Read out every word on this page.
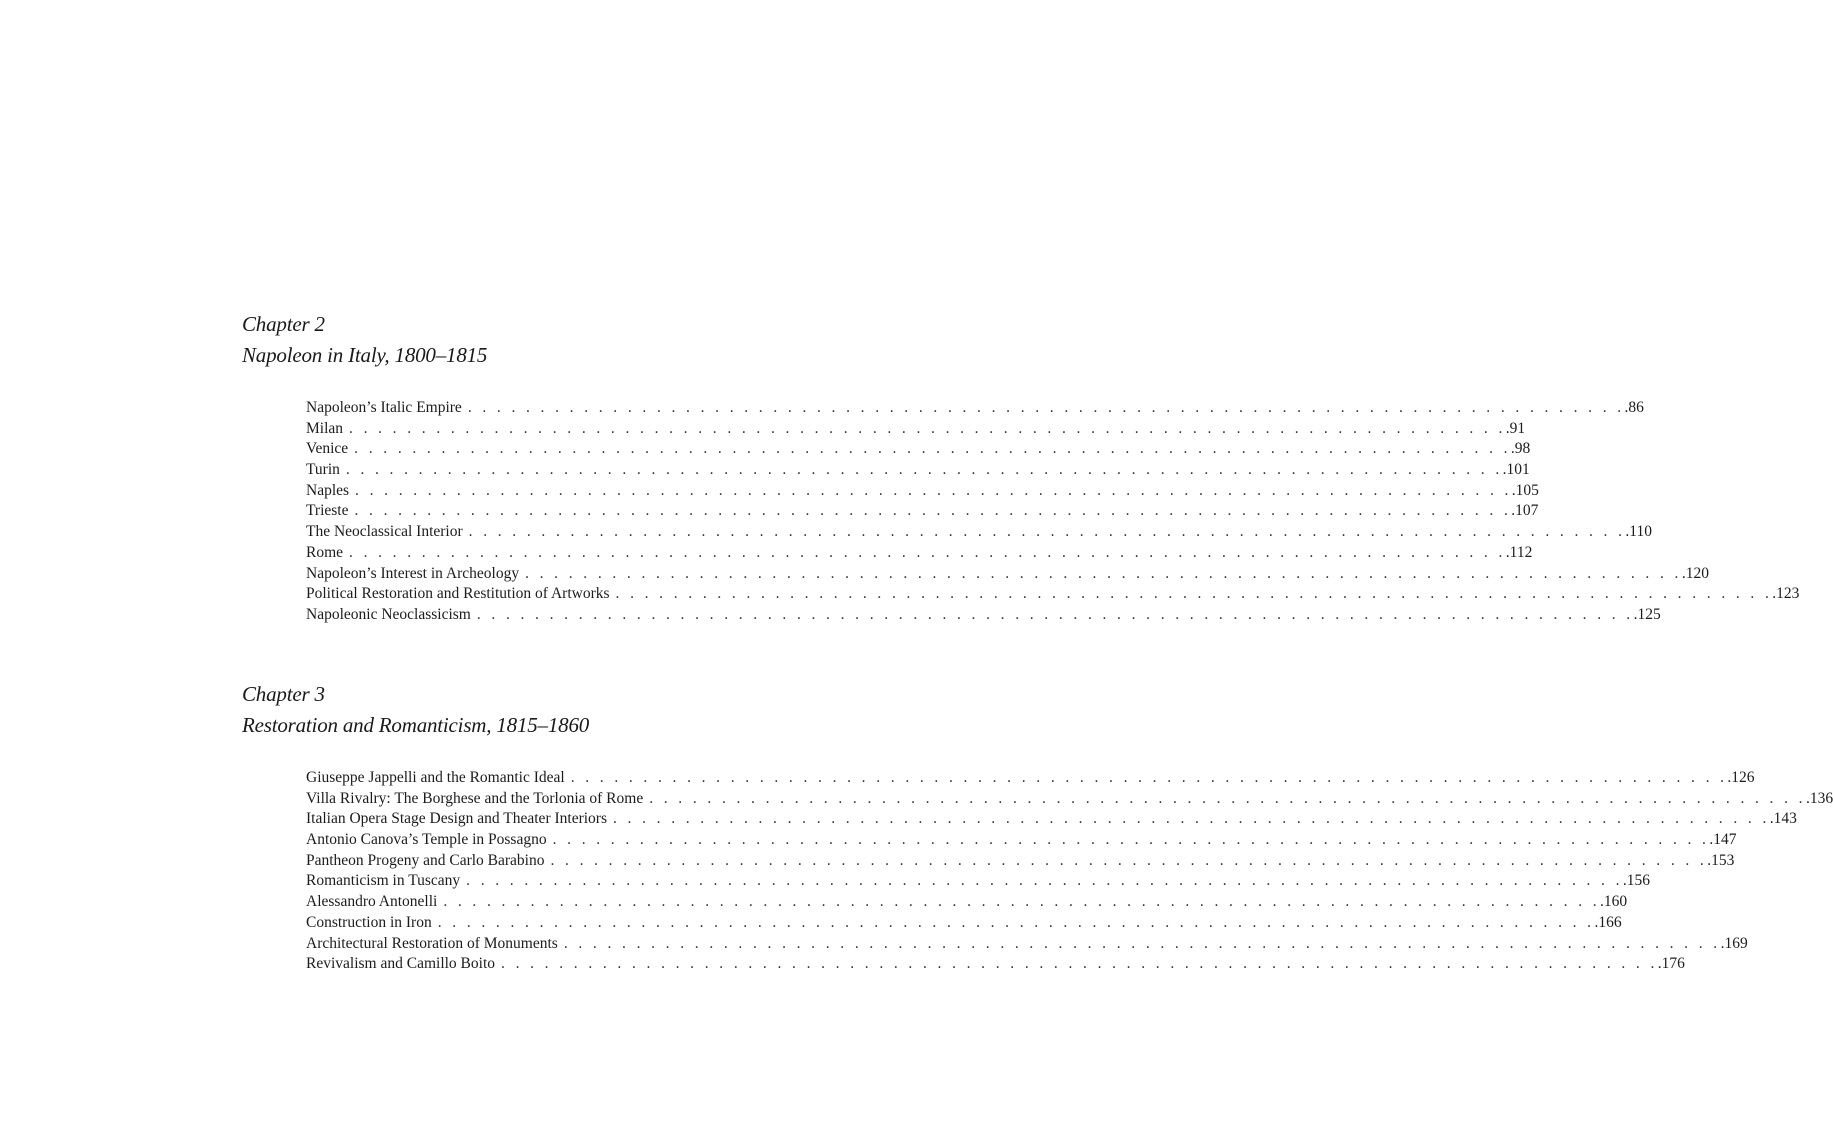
Chapter 2
Napoleon in Italy, 1800–1815
Napoleon’s Italic Empire . . . . . . . . . . . . . . . . . . . . . . . . . . . . . . . . . . . . . . . . . . . . . . . . . . . . . . . . . . . . . . . . . . . . . . . . . . . . . . . . .86
Milan . . . . . . . . . . . . . . . . . . . . . . . . . . . . . . . . . . . . . . . . . . . . . . . . . . . . . . . . . . . . . . . . . . . . . . . . . . . . . . . . .91
Venice . . . . . . . . . . . . . . . . . . . . . . . . . . . . . . . . . . . . . . . . . . . . . . . . . . . . . . . . . . . . . . . . . . . . . . . . . . . . . . . . .98
Turin . . . . . . . . . . . . . . . . . . . . . . . . . . . . . . . . . . . . . . . . . . . . . . . . . . . . . . . . . . . . . . . . . . . . . . . . . . . . . . . . .101
Naples . . . . . . . . . . . . . . . . . . . . . . . . . . . . . . . . . . . . . . . . . . . . . . . . . . . . . . . . . . . . . . . . . . . . . . . . . . . . . . . . .105
Trieste . . . . . . . . . . . . . . . . . . . . . . . . . . . . . . . . . . . . . . . . . . . . . . . . . . . . . . . . . . . . . . . . . . . . . . . . . . . . . . . . .107
The Neoclassical Interior . . . . . . . . . . . . . . . . . . . . . . . . . . . . . . . . . . . . . . . . . . . . . . . . . . . . . . . . . . . . . . . . . . . . . . . . . . . . . . . . .110
Rome . . . . . . . . . . . . . . . . . . . . . . . . . . . . . . . . . . . . . . . . . . . . . . . . . . . . . . . . . . . . . . . . . . . . . . . . . . . . . . . . .112
Napoleon’s Interest in Archeology . . . . . . . . . . . . . . . . . . . . . . . . . . . . . . . . . . . . . . . . . . . . . . . . . . . . . . . . . . . . . . . . . . . . . . . . . . . . . . . . .120
Political Restoration and Restitution of Artworks . . . . . . . . . . . . . . . . . . . . . . . . . . . . . . . . . . . . . . . . . . . . . . . . . . . . . . . . . . . . . . . . . . . . . . . . . . . . . . . . .123
Napoleonic Neoclassicism . . . . . . . . . . . . . . . . . . . . . . . . . . . . . . . . . . . . . . . . . . . . . . . . . . . . . . . . . . . . . . . . . . . . . . . . . . . . . . . . .125
Chapter 3
Restoration and Romanticism, 1815–1860
Giuseppe Jappelli and the Romantic Ideal . . . . . . . . . . . . . . . . . . . . . . . . . . . . . . . . . . . . . . . . . . . . . . . . . . . . . . . . . . . . . . . . . . . . . . . . . . . . . . . . .126
Villa Rivalry: The Borghese and the Torlonia of Rome . . . . . . . . . . . . . . . . . . . . . . . . . . . . . . . . . . . . . . . . . . . . . . . . . . . . . . . . . . . . . . . . . . . . . . . . . . . . . . . . .136
Italian Opera Stage Design and Theater Interiors . . . . . . . . . . . . . . . . . . . . . . . . . . . . . . . . . . . . . . . . . . . . . . . . . . . . . . . . . . . . . . . . . . . . . . . . . . . . . . . . .143
Antonio Canova’s Temple in Possagno . . . . . . . . . . . . . . . . . . . . . . . . . . . . . . . . . . . . . . . . . . . . . . . . . . . . . . . . . . . . . . . . . . . . . . . . . . . . . . . . .147
Pantheon Progeny and Carlo Barabino . . . . . . . . . . . . . . . . . . . . . . . . . . . . . . . . . . . . . . . . . . . . . . . . . . . . . . . . . . . . . . . . . . . . . . . . . . . . . . . . .153
Romanticism in Tuscany . . . . . . . . . . . . . . . . . . . . . . . . . . . . . . . . . . . . . . . . . . . . . . . . . . . . . . . . . . . . . . . . . . . . . . . . . . . . . . . . .156
Alessandro Antonelli . . . . . . . . . . . . . . . . . . . . . . . . . . . . . . . . . . . . . . . . . . . . . . . . . . . . . . . . . . . . . . . . . . . . . . . . . . . . . . . . .160
Construction in Iron . . . . . . . . . . . . . . . . . . . . . . . . . . . . . . . . . . . . . . . . . . . . . . . . . . . . . . . . . . . . . . . . . . . . . . . . . . . . . . . . .166
Architectural Restoration of Monuments . . . . . . . . . . . . . . . . . . . . . . . . . . . . . . . . . . . . . . . . . . . . . . . . . . . . . . . . . . . . . . . . . . . . . . . . . . . . . . . . .169
Revivalism and Camillo Boito . . . . . . . . . . . . . . . . . . . . . . . . . . . . . . . . . . . . . . . . . . . . . . . . . . . . . . . . . . . . . . . . . . . . . . . . . . . . . . . . .176
